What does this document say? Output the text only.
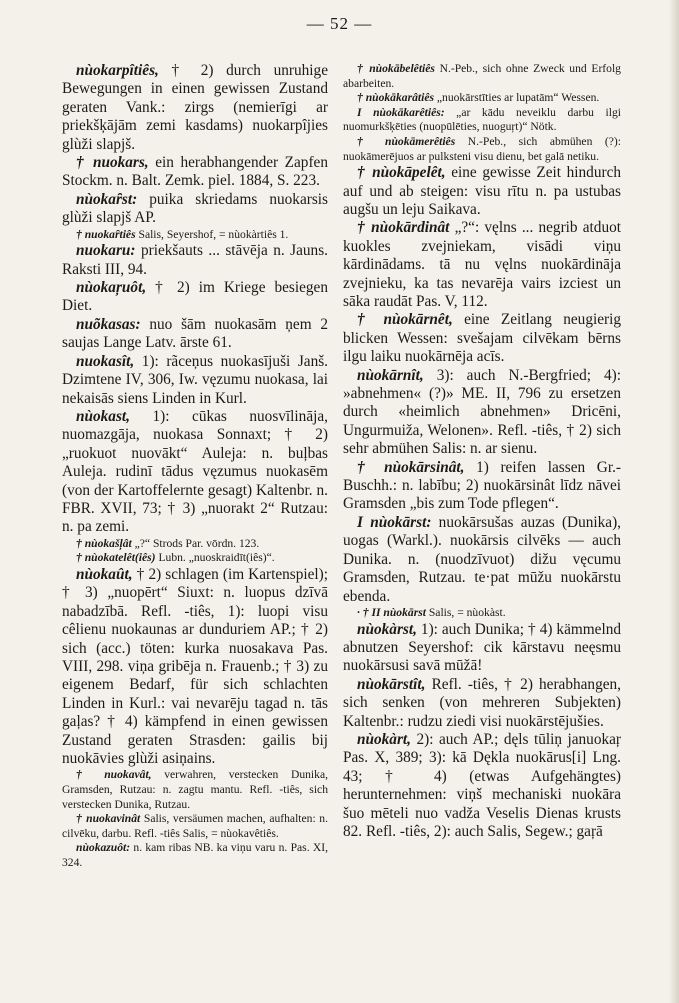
— 52 —

nùokarpîtiês, † 2) durch unruhige Bewegungen in einen gewissen Zustand geraten Vank.: zirgs (nemierīgi ar priekšķājām zemi kasdams) nuokarpîjies glùži slapjš.

† nuokars, ein herabhangender Zapfen Stockm. n. Balt. Zemk. piel. 1884, S. 223.

nùokaȓst: puika skriedams nuokarsis glùži slapjš AP.

† nuokaȓtiês Salis, Seyershof, = nùokàrtiês 1.

nuokaru: priekšauts ... stāvēja n. Jauns. Raksti III, 94.

nùokaŗuôt, † 2) im Kriege besiegen Diet.

nuõkasas: nuo šām nuokasām ņem 2 saujas Lange Latv. ārste 61.

nuokasît, 1): rãceņus nuokasījuši Janš. Dzimtene IV, 306, Iw. vęzumu nuokasa, lai nekaisās siens Linden in Kurl.

nùokast, 1): cūkas nuosvīlināja, nuomazgāja, nuokasa Sonnaxt; † 2) „ruokuot nuovākt“ Auleja: n. buļbas Auleja. rudinī tādus vęzumus nuokasēm (von der Kartoffelernte gesagt) Kaltenbr. n. FBR. XVII, 73; † 3) „nuorakt 2“ Rutzau: n. pa zemi.

† nùokašļât „?“ Strods Par. vōrdn. 123.

† nùokatelêt(iês) Lubn. „nuoskraidīt(iês)“.

nùokaût, † 2) schlagen (im Kartenspiel); † 3) „nuopērt“ Siuxt: n. luopus dzīvā nabadzībā. Refl. -tiês, 1): luopi visu cêlienu nuokaunas ar dunduriem AP.; † 2) sich (acc.) töten: kurka nuosakava Pas. VIII, 298. viņa gribēja n. Frauenb.; † 3) zu eigenem Bedarf, für sich schlachten Linden in Kurl.: vai nevarēju tagad n. tās gaļas? † 4) kämpfend in einen gewissen Zustand geraten Strasden: gailis bij nuokāvies glùži asiņains.

† nuokavât, verwahren, verstecken Dunika, Gramsden, Rutzau: n. zagtu mantu. Refl. -tiês, sich verstecken Dunika, Rutzau.

† nuokavinât Salis, versäumen machen, aufhalten: n. cilvēku, darbu. Refl. -tiês Salis, = nùokavêtiês.

nùokazuôt: n. kam ribas NB. ka viņu varu n. Pas. XI, 324.

† nùokābelêtiês N.-Peb., sich ohne Zweck und Erfolg abarbeiten.

† nùokākarâtiês „nuokārstīties ar lupatām“ Wessen.

I nùokākarêtiês: „ar kādu neveiklu darbu ilgi nuomurkšķēties (nuopūlēties, nuoguŗt)“ Nötk.

† nùokāmerêtiês N.-Peb., sich abmühen (?): nuokāmerējuos ar pulksteni visu dienu, bet galā netiku.

† nùokāpelêt, eine gewisse Zeit hindurch auf und ab steigen: visu rītu n. pa ustubas augšu un leju Saikava.

† nùokārdinât „?“: vęlns ... negrib atduot kuokles zvejniekam, visādi viņu kārdinādams. tā nu vęlns nuokārdināja zvejnieku, ka tas nevarēja vairs izciest un sāka raudāt Pas. V, 112.

† nùokārnêt, eine Zeitlang neugierig blicken Wessen: svešajam cilvēkam bērns ilgu laiku nuokārnēja acīs.

nùokārnît, 3): auch N.-Bergfried; 4): »abnehmen« (?)» ME. II, 796 zu ersetzen durch «heimlich abnehmen» Dricēni, Ungurmuiža, Welonen». Refl. -tiês, † 2) sich sehr abmühen Salis: n. ar sienu.

† nùokārsinât, 1) reifen lassen Gr.-Buschh.: n. labību; 2) nuokārsinât līdz nāvei Gramsden „bis zum Tode pflegen“.

I nùokārst: nuokārsušas auzas (Dunika), uogas (Warkl.). nuokārsis cilvēks — auch Dunika. n. (nuodzīvuot) dižu vęcumu Gramsden, Rutzau. te·pat mūžu nuokārstu ebenda.

· † II nùokārst Salis, = nùokàst.

nùokàrst, 1): auch Dunika; † 4) kämmelnd abnutzen Seyershof: cik kārstavu neęsmu nuokārsusi savā mūžā!

nùokārstît, Refl. -tiês, † 2) herabhangen, sich senken (von mehreren Subjekten) Kaltenbr.: rudzu ziedi visi nuokārstējušies.

nùokàrt, 2): auch AP.; dęls tūliņ januokaŗ Pas. X, 389; 3): kā Dękla nuokārus[i] Lng. 43; † 4) (etwas Aufgehängtes) herunternehmen: viņš mechaniski nuokāra šuo mēteli nuo vadža Veselis Dienas krusts 82. Refl. -tiês, 2): auch Salis, Segew.; gaŗā
